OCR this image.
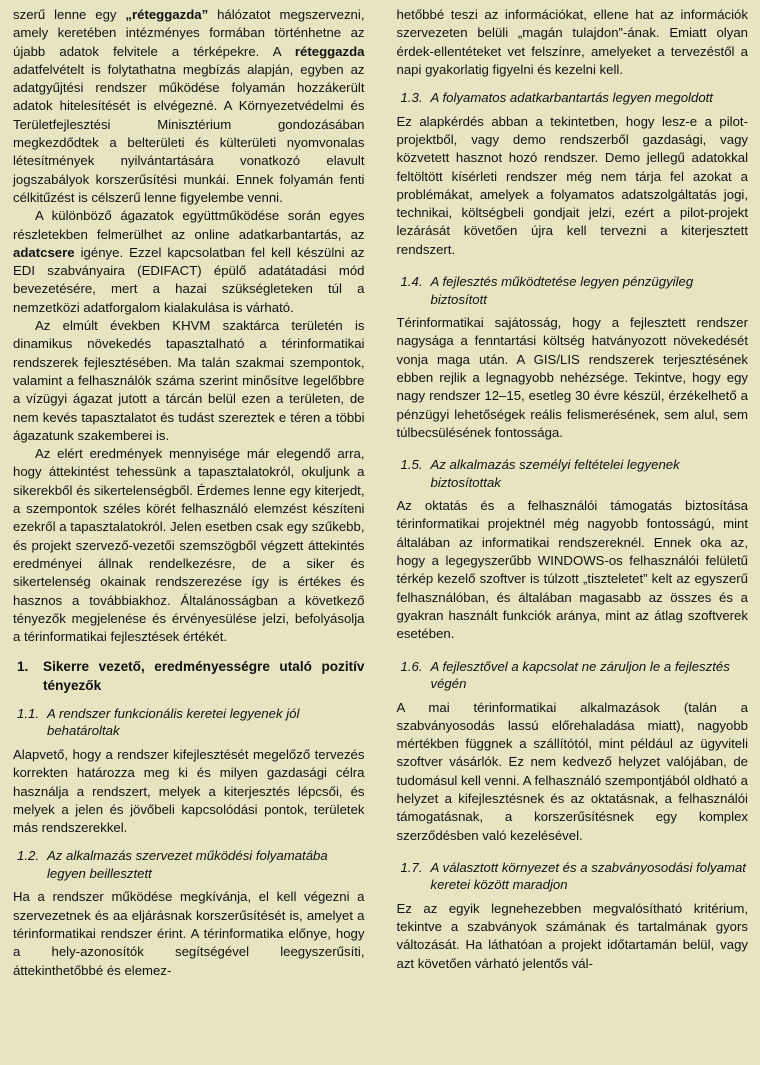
szerű lenne egy „réteggazda” hálózatot megszervezni, amely keretében intézményes formában történhetne az újabb adatok felvitele a térképekre. A réteggazda adatfelvételt is folytathatna megbízás alapján, egyben az adatgyűjtési rendszer működése folyamán hozzákerült adatok hitelesítését is elvégezné. A Környezetvédelmi és Területfejlesztési Minisztérium gondozásában megkezdődtek a belterületi és külterületi nyomvonalas létesítmények nyilvántartására vonatkozó elavult jogszabályok korszerűsítési munkái. Ennek folyamán fenti célkitűzést is célszerű lenne figyelembe venni.

A különböző ágazatok együttműködése során egyes részletekben felmerülhet az online adatkarbantartás, az adatcsere igénye. Ezzel kapcsolatban fel kell készülni az EDI szabványaira (EDIFACT) épülő adatátadási mód bevezetésére, mert a hazai szükségleteken túl a nemzetközi adatforgalom kialakulása is várható.

Az elmúlt években KHVM szaktárca területén is dinamikus növekedés tapasztalható a térinformatikai rendszerek fejlesztésében. Ma talán szakmai szempontok, valamint a felhasználók száma szerint minősítve legelőbbre a vízügyi ágazat jutott a tárcán belül ezen a területen, de nem kevés tapasztalatot és tudást szereztek e téren a többi ágazatunk szakemberei is.

Az elért eredmények mennyisége már elegendő arra, hogy áttekintést tehessünk a tapasztalatokról, okuljunk a sikerekből és sikertelenségből. Érdemes lenne egy kiterjedt, a szempontok széles körét felhasználó elemzést készíteni ezekről a tapasztalatokról. Jelen esetben csak egy szűkebb, és projekt szervező-vezetői szemszögből végzett áttekintés eredményei állnak rendelkezésre, de a siker és sikertelenség okainak rendszerezése így is értékes és hasznos a továbbiakhoz. Általánosságban a következő tényezők megjelenése és érvényesülése jelzi, befolyásolja a térinformatikai fejlesztések értékét.

1.	Sikerre vezető, eredményességre utaló pozitív tényezők
1.1. A rendszer funkcionális keretei legyenek jól behatároltak

Alapvető, hogy a rendszer kifejlesztését megelőző tervezés korrekten határozza meg ki és milyen gazdasági célra használja a rendszert, melyek a kiterjesztés lépcsői, és melyek a jelen és jövőbeli kapcsolódási pontok, területek más rendszerekkel.

1.2. Az alkalmazás szervezet működési folyamatába legyen beillesztett

Ha a rendszer működése megkívánja, el kell végezni a szervezetnek és aa eljárásnak korszerűsítését is, amelyet a térinformatikai rendszer érint. A térinformatika előnye, hogy a hely-azonosítók segítségével leegyszerűsíti, áttekinthetőbbé és elemez-

hetőbbé teszi az információkat, ellene hat az információk szervezeten belüli „magán tulajdon”-ának. Emiatt olyan érdek-ellentéteket vet felszínre, amelyeket a tervezéstől a napi gyakorlatig figyelni és kezelni kell.

1.3. A folyamatos adatkarbantartás legyen megoldott

Ez alapkérdés abban a tekintetben, hogy lesz-e a pilot-projektből, vagy demo rendszerből gazdasági, vagy közvetett hasznot hozó rendszer. Demo jellegű adatokkal feltöltött kísérleti rendszer még nem tárja fel azokat a problémákat, amelyek a folyamatos adatszolgáltatás jogi, technikai, költségbeli gondjait jelzi, ezért a pilot-projekt lezárását követően újra kell tervezni a kiterjesztett rendszert.

1.4. A fejlesztés működtetése legyen pénzügyileg biztosított

Térinformatikai sajátosság, hogy a fejlesztett rendszer nagysága a fenntartási költség hatványozott növekedését vonja maga után. A GIS/LIS rendszerek terjesztésének ebben rejlik a legnagyobb nehézsége. Tekintve, hogy egy nagy rendszer 12–15, esetleg 30 évre készül, érzékelhető a pénzügyi lehetőségek reális felismerésének, sem alul, sem túlbecsülésének fontossága.

1.5. Az alkalmazás személyi feltételei legyenek biztosítottak

Az oktatás és a felhasználói támogatás biztosítása térinformatikai projektnél még nagyobb fontosságú, mint általában az informatikai rendszereknél. Ennek oka az, hogy a legegyszerűbb WINDOWS-os felhasználói felületű térkép kezelő szoftver is túlzott „tiszteletet” kelt az egyszerű felhasználóban, és általában magasabb az összes és a gyakran használt funkciók aránya, mint az átlag szoftverek esetében.

1.6. A fejlesztővel a kapcsolat ne záruljon le a fejlesztés végén

A mai térinformatikai alkalmazások (talán a szabványosodás lassú előrehaladása miatt), nagyobb mértékben függnek a szállítótól, mint például az ügyviteli szoftver vásárlók. Ez nem kedvező helyzet valójában, de tudomásul kell venni. A felhasználó szempontjából oldható a helyzet a kifejlesztésnek és az oktatásnak, a felhasználói támogatásnak, a korszerűsítésnek egy komplex szerződésben való kezelésével.

1.7. A választott környezet és a szabványosodási folyamat keretei között maradjon

Ez az egyik legnehezebben megvalósítható kritérium, tekintve a szabványok számának és tartalmának gyors változását. Ha láthatóan a projekt időtartamán belül, vagy azt követően várható jelentős vál-
